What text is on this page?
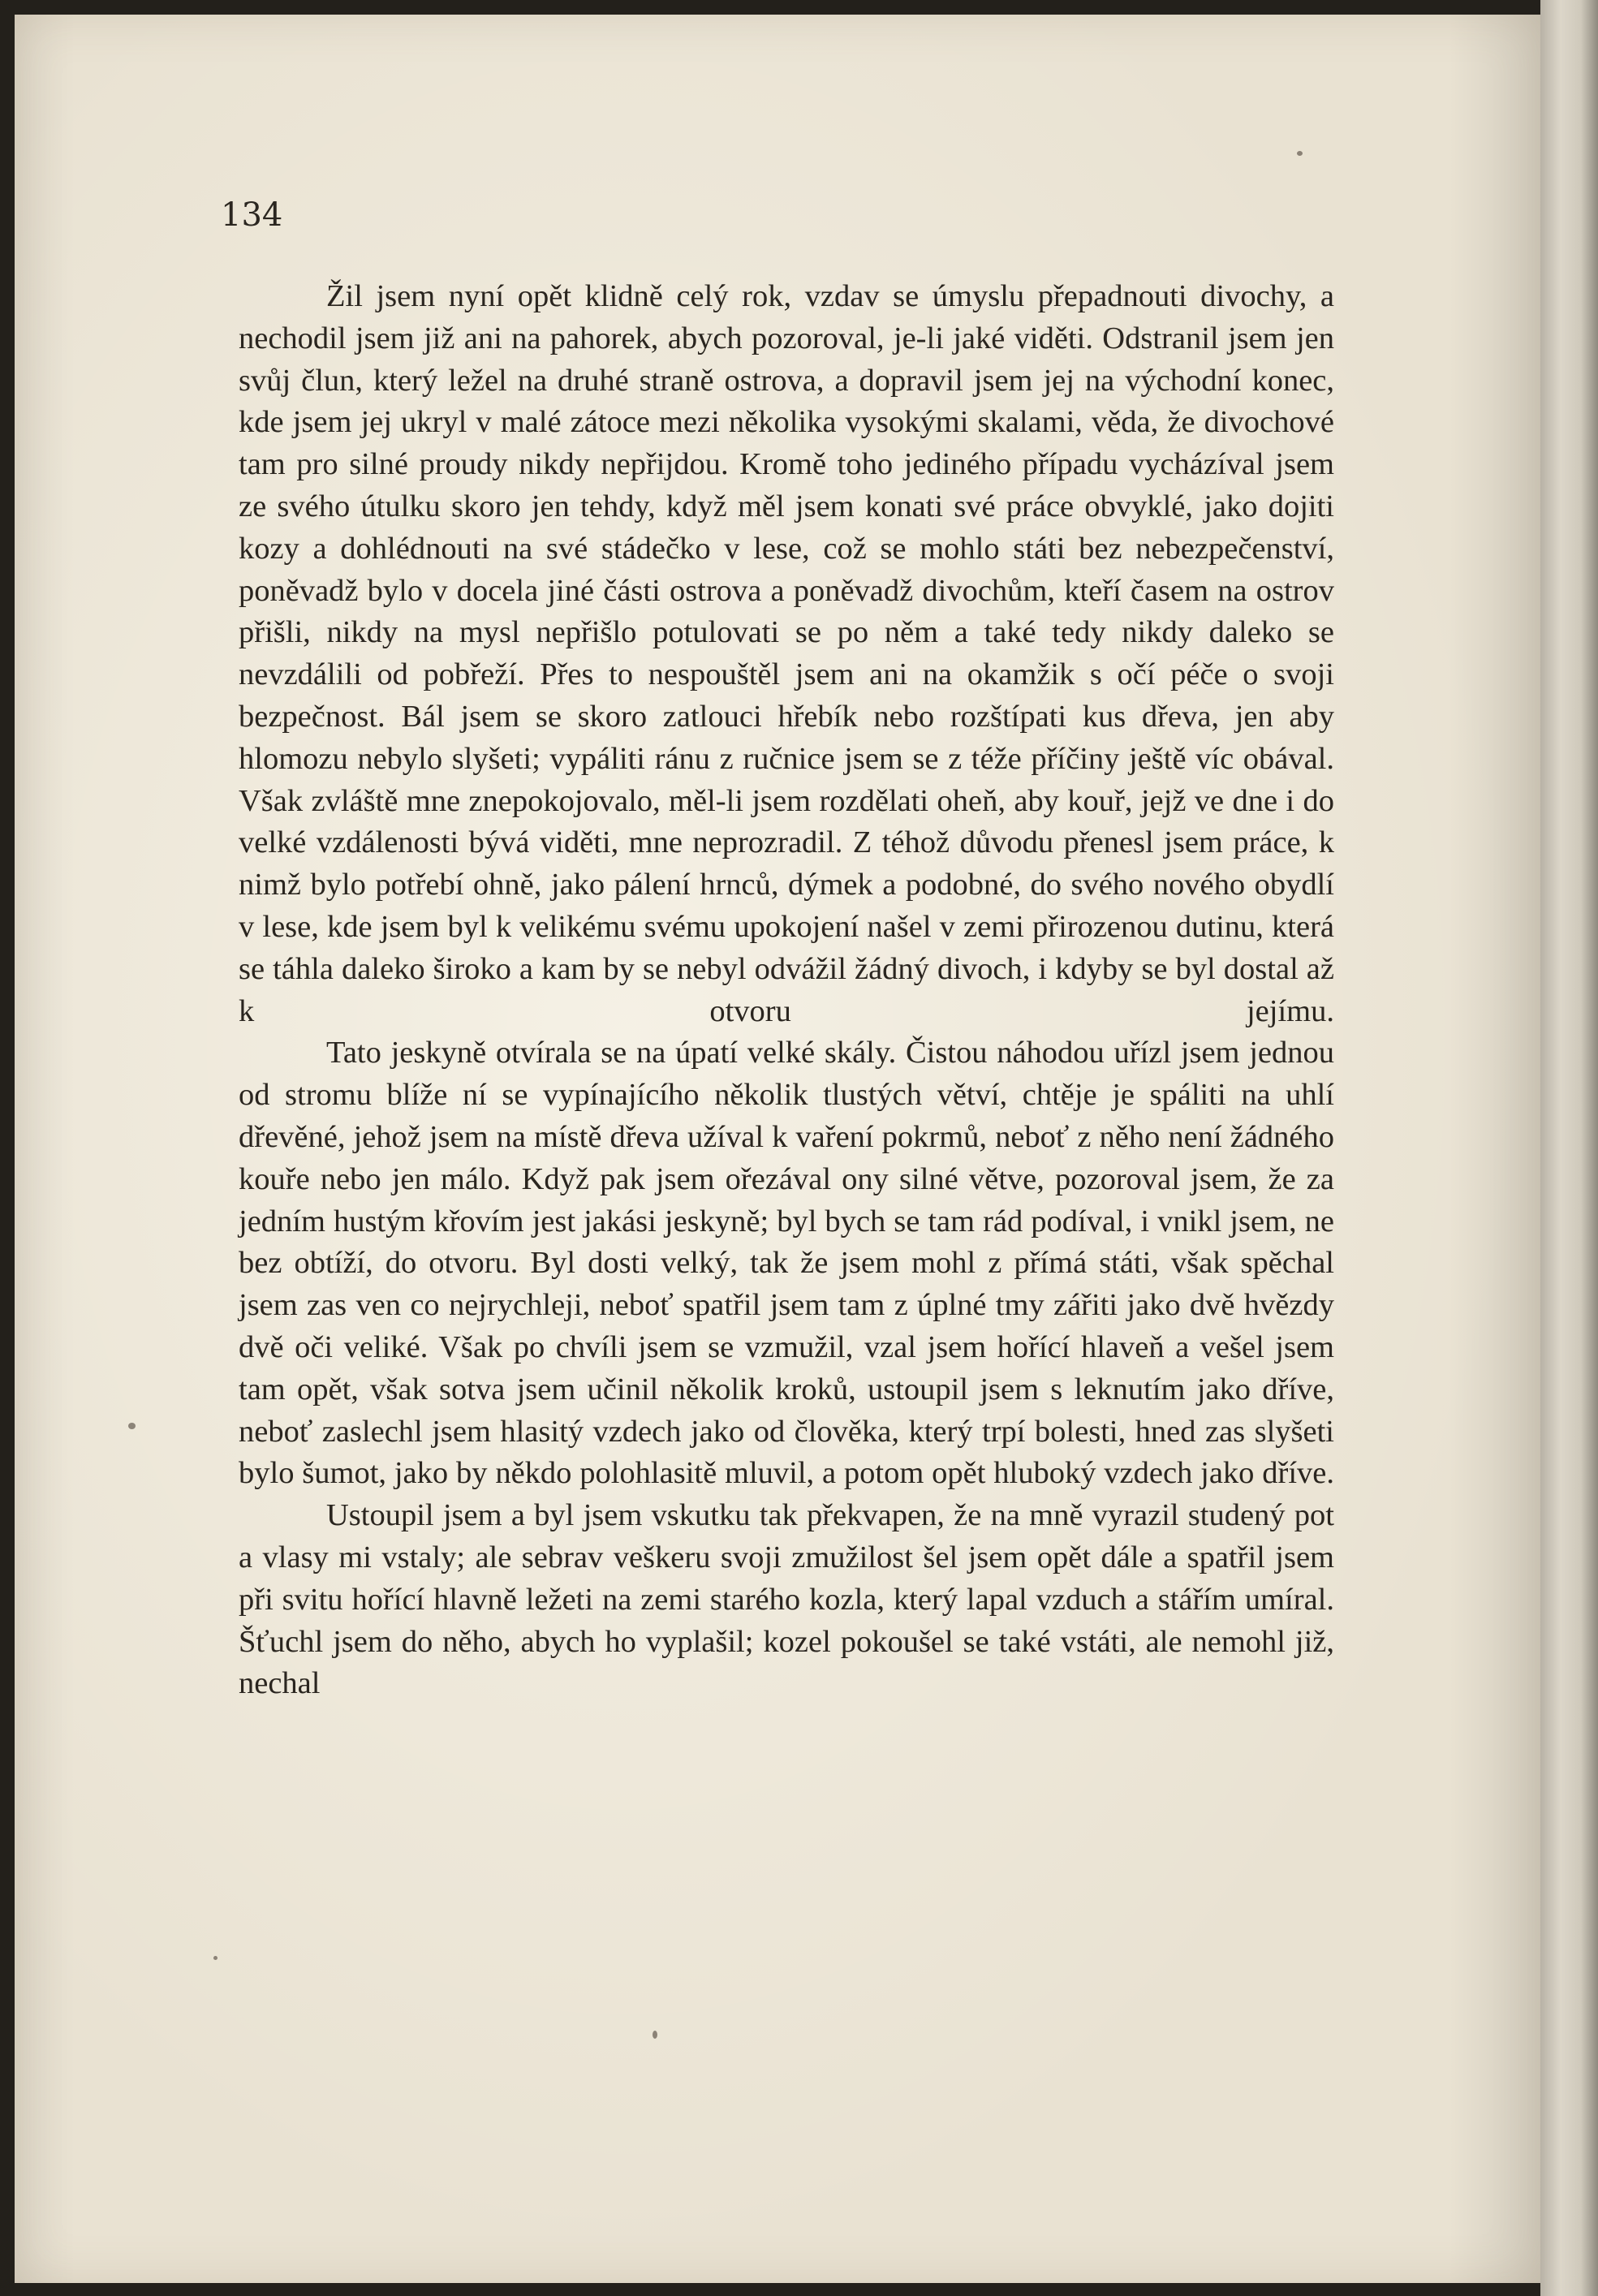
134

Žil jsem nyní opět klidně celý rok, vzdav se úmyslu přepadnouti divochy, a nechodil jsem již ani na pahorek, abych pozoroval, je-li jaké viděti. Odstranil jsem jen svůj člun, který ležel na druhé straně ostrova, a dopravil jsem jej na východní konec, kde jsem jej ukryl v malé zátoce mezi několika vysokými skalami, věda, že divochové tam pro silné proudy nikdy nepřijdou. Kromě toho jediného případu vycházíval jsem ze svého útulku skoro jen tehdy, když měl jsem konati své práce obvyklé, jako dojiti kozy a dohlédnouti na své stádečko v lese, což se mohlo státi bez nebezpečenství, poněvadž bylo v docela jiné části ostrova a poněvadž divochům, kteří časem na ostrov přišli, nikdy na mysl nepřišlo potulovati se po něm a také tedy nikdy daleko se nevzdálili od pobřeží. Přes to nespouštěl jsem ani na okamžik s očí péče o svoji bezpečnost. Bál jsem se skoro zatlouci hřebík nebo rozštípati kus dřeva, jen aby hlomozu nebylo slyšeti; vypáliti ránu z ručnice jsem se z téže příčiny ještě víc obával. Však zvláště mne znepokojovalo, měl-li jsem rozdělati oheň, aby kouř, jejž ve dne i do velké vzdálenosti bývá viděti, mne neprozradil. Z téhož důvodu přenesl jsem práce, k nimž bylo potřebí ohně, jako pálení hrnců, dýmek a podobné, do svého nového obydlí v lese, kde jsem byl k velikému svému upokojení našel v zemi přirozenou dutinu, která se táhla daleko široko a kam by se nebyl odvážil žádný divoch, i kdyby se byl dostal až k otvoru jejímu.

Tato jeskyně otvírala se na úpatí velké skály. Čistou náhodou uřízl jsem jednou od stromu blíže ní se vypínajícího několik tlustých větví, chtěje je spáliti na uhlí dřevěné, jehož jsem na místě dřeva užíval k vaření pokrmů, neboť z něho není žádného kouře nebo jen málo. Když pak jsem ořezával ony silné větve, pozoroval jsem, že za jedním hustým křovím jest jakási jeskyně; byl bych se tam rád podíval, i vnikl jsem, ne bez obtíží, do otvoru. Byl dosti velký, tak že jsem mohl z přímá státi, však spěchal jsem zas ven co nejrychleji, neboť spatřil jsem tam z úplné tmy zářiti jako dvě hvězdy dvě oči veliké. Však po chvíli jsem se vzmužil, vzal jsem hořící hlaveň a vešel jsem tam opět, však sotva jsem učinil několik kroků, ustoupil jsem s leknutím jako dříve, neboť zaslechl jsem hlasitý vzdech jako od člověka, který trpí bolesti, hned zas slyšeti bylo šumot, jako by někdo polohlasitě mluvil, a potom opět hluboký vzdech jako dříve.

Ustoupil jsem a byl jsem vskutku tak překvapen, že na mně vyrazil studený pot a vlasy mi vstaly; ale sebrav veškeru svoji zmužilost šel jsem opět dále a spatřil jsem při svitu hořící hlavně ležeti na zemi starého kozla, který lapal vzduch a stářím umíral. Šťuchl jsem do něho, abych ho vyplašil; kozel pokoušel se také vstáti, ale nemohl již, nechal
